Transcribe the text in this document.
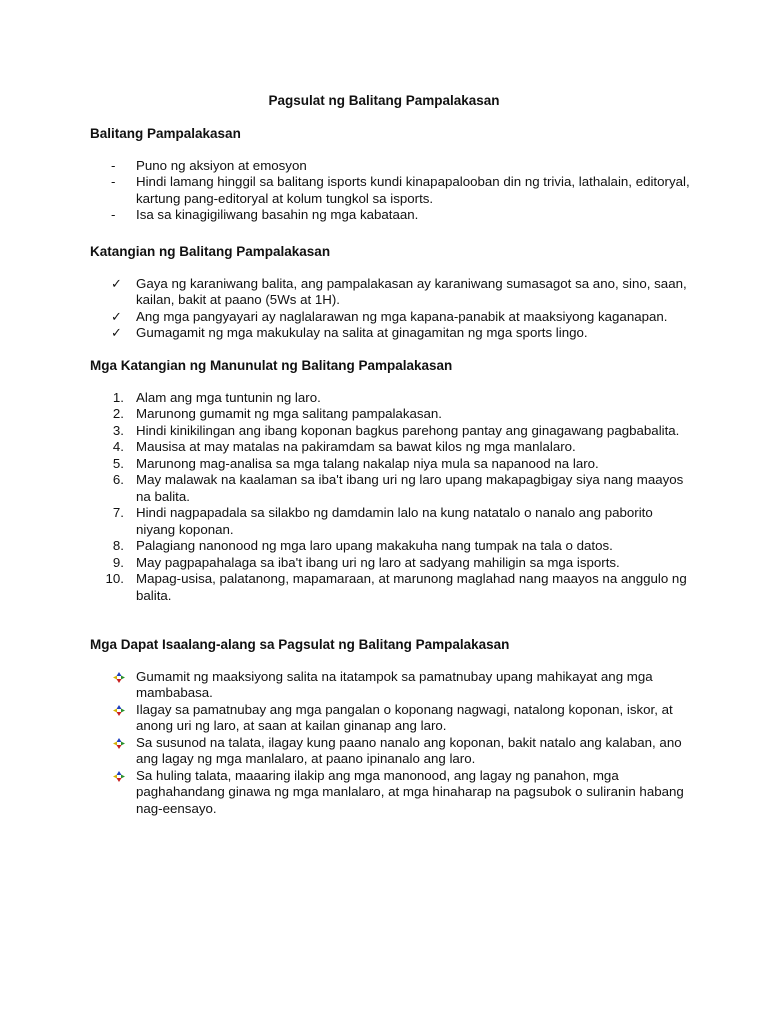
Pagsulat ng Balitang Pampalakasan
Balitang Pampalakasan
- Puno ng aksiyon at emosyon
- Hindi lamang hinggil sa balitang isports kundi kinapapalooban din ng trivia, lathalain, editoryal, kartung pang-editoryal at kolum tungkol sa isports.
- Isa sa kinagigiliwang basahin ng mga kabataan.
Katangian ng Balitang Pampalakasan
✓ Gaya ng karaniwang balita, ang pampalakasan ay karaniwang sumasagot sa ano, sino, saan, kailan, bakit at paano (5Ws at 1H).
✓ Ang mga pangyayari ay naglalarawan ng mga kapana-panabik at maaksiyong kaganapan.
✓ Gumagamit ng mga makukulay na salita at ginagamitan ng mga sports lingo.
Mga Katangian ng Manunulat ng Balitang Pampalakasan
1. Alam ang mga tuntunin ng laro.
2. Marunong gumamit ng mga salitang pampalakasan.
3. Hindi kinikilingan ang ibang koponan bagkus parehong pantay ang ginagawang pagbabalita.
4. Mausisa at may matalas na pakiramdam sa bawat kilos ng mga manlalaro.
5. Marunong mag-analisa sa mga talang nakalap niya mula sa napanood na laro.
6. May malawak na kaalaman sa iba't ibang uri ng laro upang makapagbigay siya nang maayos na balita.
7. Hindi nagpapadala sa silakbo ng damdamin lalo na kung natatalo o nanalo ang paborito niyang koponan.
8. Palagiang nanonood ng mga laro upang makakuha nang tumpak na tala o datos.
9. May pagpapahalaga sa iba't ibang uri ng laro at sadyang mahiligin sa mga isports.
10. Mapag-usisa, palatanong, mapamaraan, at marunong maglahad nang maayos na anggulo ng balita.
Mga Dapat Isaalang-alang sa Pagsulat ng Balitang Pampalakasan
Gumamit ng maaksiyong salita na itatampok sa pamatnubay upang mahikayat ang mga mambabasa.
Ilagay sa pamatnubay ang mga pangalan o koponang nagwagi, natalong koponan, iskor, at anong uri ng laro, at saan at kailan ginanap ang laro.
Sa susunod na talata, ilagay kung paano nanalo ang koponan, bakit natalo ang kalaban, ano ang lagay ng mga manlalaro, at paano ipinanalo ang laro.
Sa huling talata, maaaring ilakip ang mga manonood, ang lagay ng panahon, mga paghahandang ginawa ng mga manlalaro, at mga hinaharap na pagsubok o suliranin habang nag-eensayo.
